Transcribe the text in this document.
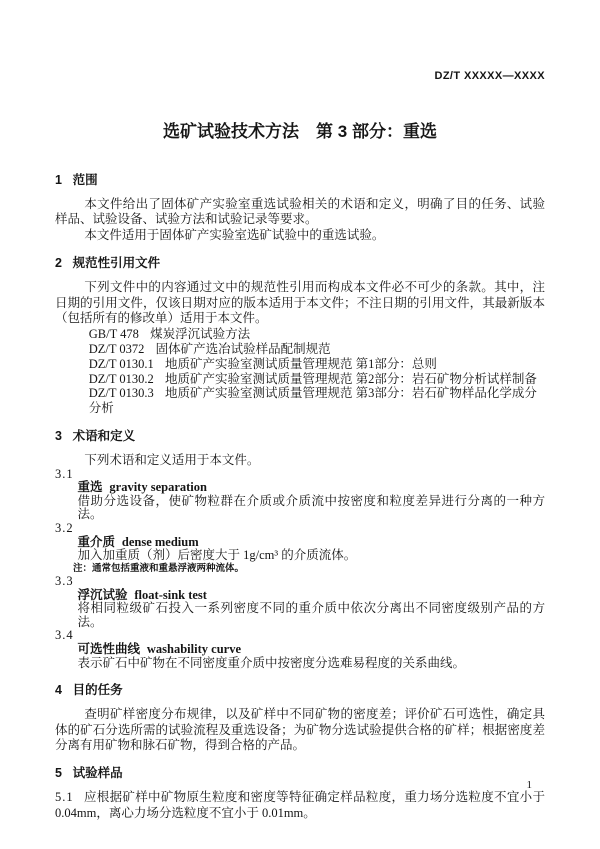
DZ/T XXXXX—XXXX
选矿试验技术方法　第 3 部分：重选
1 范围

本文件给出了固体矿产实验室重选试验相关的术语和定义，明确了目的任务、试验样品、试验设备、试验方法和试验记录等要求。

本文件适用于固体矿产实验室选矿试验中的重选试验。

2 规范性引用文件

下列文件中的内容通过文中的规范性引用而构成本文件必不可少的条款。其中，注日期的引用文件，仅该日期对应的版本适用于本文件；不注日期的引用文件，其最新版本（包括所有的修改单）适用于本文件。

GB/T 478 煤炭浮沉试验方法
DZ/T 0372 固体矿产选冶试验样品配制规范
DZ/T 0130.1 地质矿产实验室测试质量管理规范 第1部分：总则
DZ/T 0130.2 地质矿产实验室测试质量管理规范 第2部分：岩石矿物分析试样制备
DZ/T 0130.3 地质矿产实验室测试质量管理规范 第3部分：岩石矿物样品化学成分分析
3 术语和定义
下列术语和定义适用于本文件。
3.1
重选 gravity separation
借助分选设备，使矿物粒群在介质或介质流中按密度和粒度差异进行分离的一种方法。
3.2
重介质 dense medium
加入加重质（剂）后密度大于 1g/cm³ 的介质流体。
注：通常包括重液和重悬浮液两种流体。
3.3
浮沉试验 float-sink test
将相同粒级矿石投入一系列密度不同的重介质中依次分离出不同密度级别产品的方法。
3.4
可选性曲线 washability curve
表示矿石中矿物在不同密度重介质中按密度分选难易程度的关系曲线。
4 目的任务

查明矿样密度分布规律，以及矿样中不同矿物的密度差；评价矿石可选性，确定具体的矿石分选所需的试验流程及重选设备；为矿物分选试验提供合格的矿样；根据密度差分离有用矿物和脉石矿物，得到合格的产品。

5 试验样品
5.1 应根据矿样中矿物原生粒度和密度等特征确定样品粒度，重力场分选粒度不宜小于 0.04mm，离心力场分选粒度不宜小于 0.01mm。
1
